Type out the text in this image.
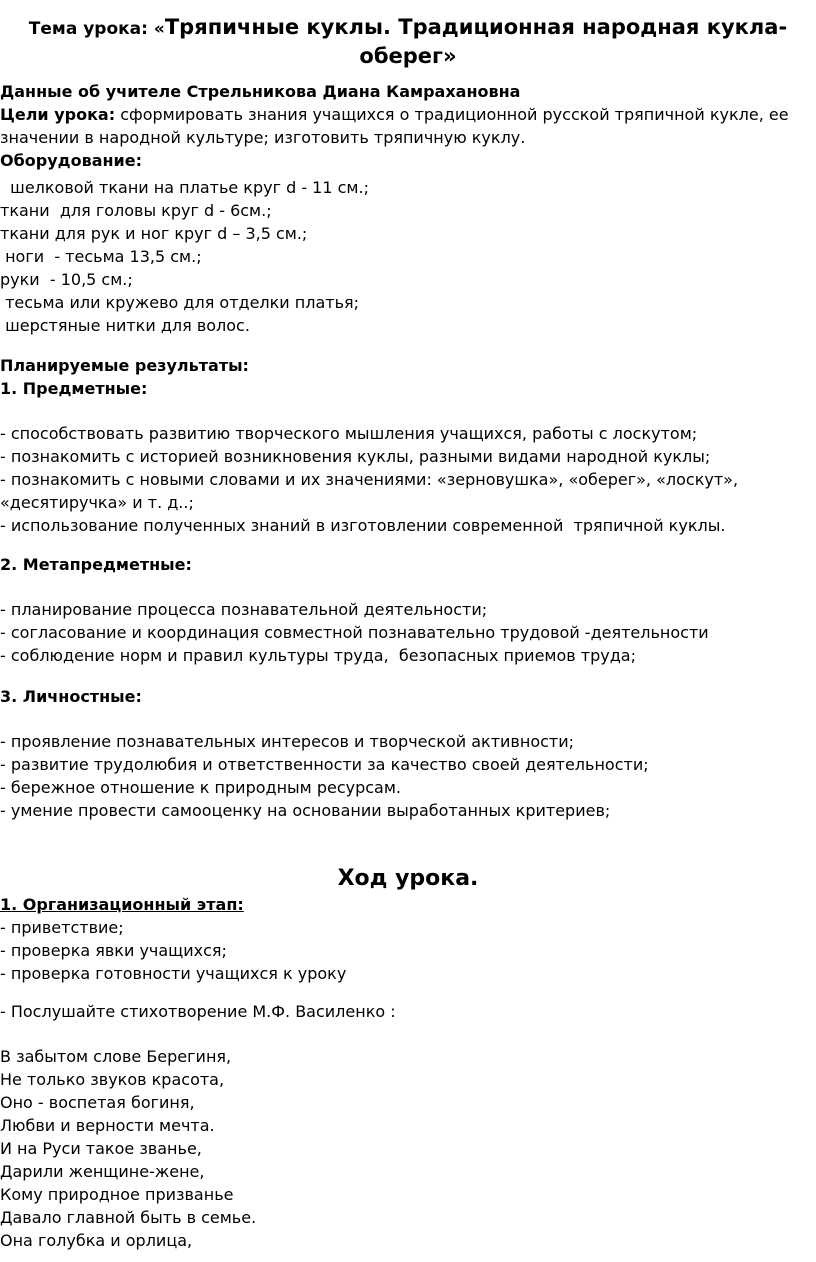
Тема урока: «Тряпичные куклы. Традиционная народная кукла-
оберег»
Данные об учителе Стрельникова Диана Камрахановна
Цели урока: сформировать знания учащихся о традиционной русской тряпичной кукле, ее значении в народной культуре; изготовить тряпичную куклу.
Оборудование:
шелковой ткани на платье круг d - 11 см.;
ткани  для головы круг d - 6см.;
ткани для рук и ног круг d – 3,5 см.;
ноги  - тесьма 13,5 см.;
руки  - 10,5 см.;
тесьма или кружево для отделки платья;
шерстяные нитки для волос.
Планируемые результаты:
1. Предметные:
- способствовать развитию творческого мышления учащихся, работы с лоскутом;
- познакомить с историей возникновения куклы, разными видами народной куклы;
- познакомить с новыми словами и их значениями: «зерновушка», «оберег», «лоскут», «десятиручка» и т. д..;
- использование полученных знаний в изготовлении современной  тряпичной куклы.
2. Метапредметные:
- планирование процесса познавательной деятельности;
- согласование и координация совместной познавательно трудовой -деятельности
- соблюдение норм и правил культуры труда,  безопасных приемов труда;
3. Личностные:
- проявление познавательных интересов и творческой активности;
- развитие трудолюбия и ответственности за качество своей деятельности;
- бережное отношение к природным ресурсам.
- умение провести самооценку на основании выработанных критериев;
Ход урока.
1. Организационный этап:
- приветствие;
- проверка явки учащихся;
- проверка готовности учащихся к уроку
- Послушайте стихотворение М.Ф. Василенко :
В забытом слове Берегиня,
Не только звуков красота,
Оно - воспетая богиня,
Любви и верности мечта.
И на Руси такое званье,
Дарили женщине-жене,
Кому природное призванье
Давало главной быть в семье.
Она голубка и орлица,
